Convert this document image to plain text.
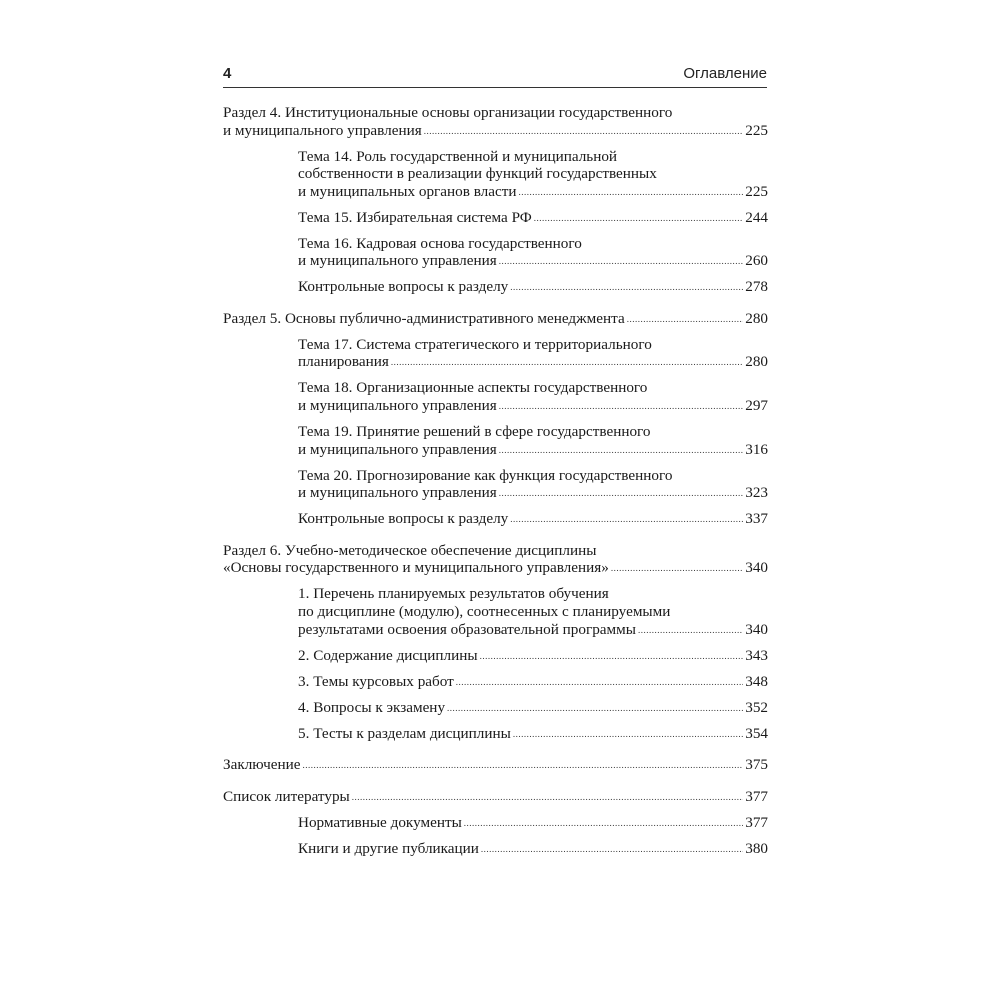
4	Оглавление
Раздел 4. Институциональные основы организации государственного
и муниципального управления .....	225
Тема 14. Роль государственной и муниципальной
собственности в реализации функций государственных
и муниципальных органов власти .....	225
Тема 15. Избирательная система РФ .....	244
Тема 16. Кадровая основа государственного
и муниципального управления .....	260
Контрольные вопросы к разделу .....	278
Раздел 5. Основы публично-административного менеджмента .....	280
Тема 17. Система стратегического и территориального
планирования .....	280
Тема 18. Организационные аспекты государственного
и муниципального управления .....	297
Тема 19. Принятие решений в сфере государственного
и муниципального управления .....	316
Тема 20. Прогнозирование как функция государственного
и муниципального управления .....	323
Контрольные вопросы к разделу .....	337
Раздел 6. Учебно-методическое обеспечение дисциплины
«Основы государственного и муниципального управления» .....	340
1. Перечень планируемых результатов обучения
по дисциплине (модулю), соотнесенных с планируемыми
результатами освоения образовательной программы .....	340
2. Содержание дисциплины .....	343
3. Темы курсовых работ .....	348
4. Вопросы к экзамену .....	352
5. Тесты к разделам дисциплины .....	354
Заключение .....	375
Список литературы .....	377
Нормативные документы .....	377
Книги и другие публикации .....	380
